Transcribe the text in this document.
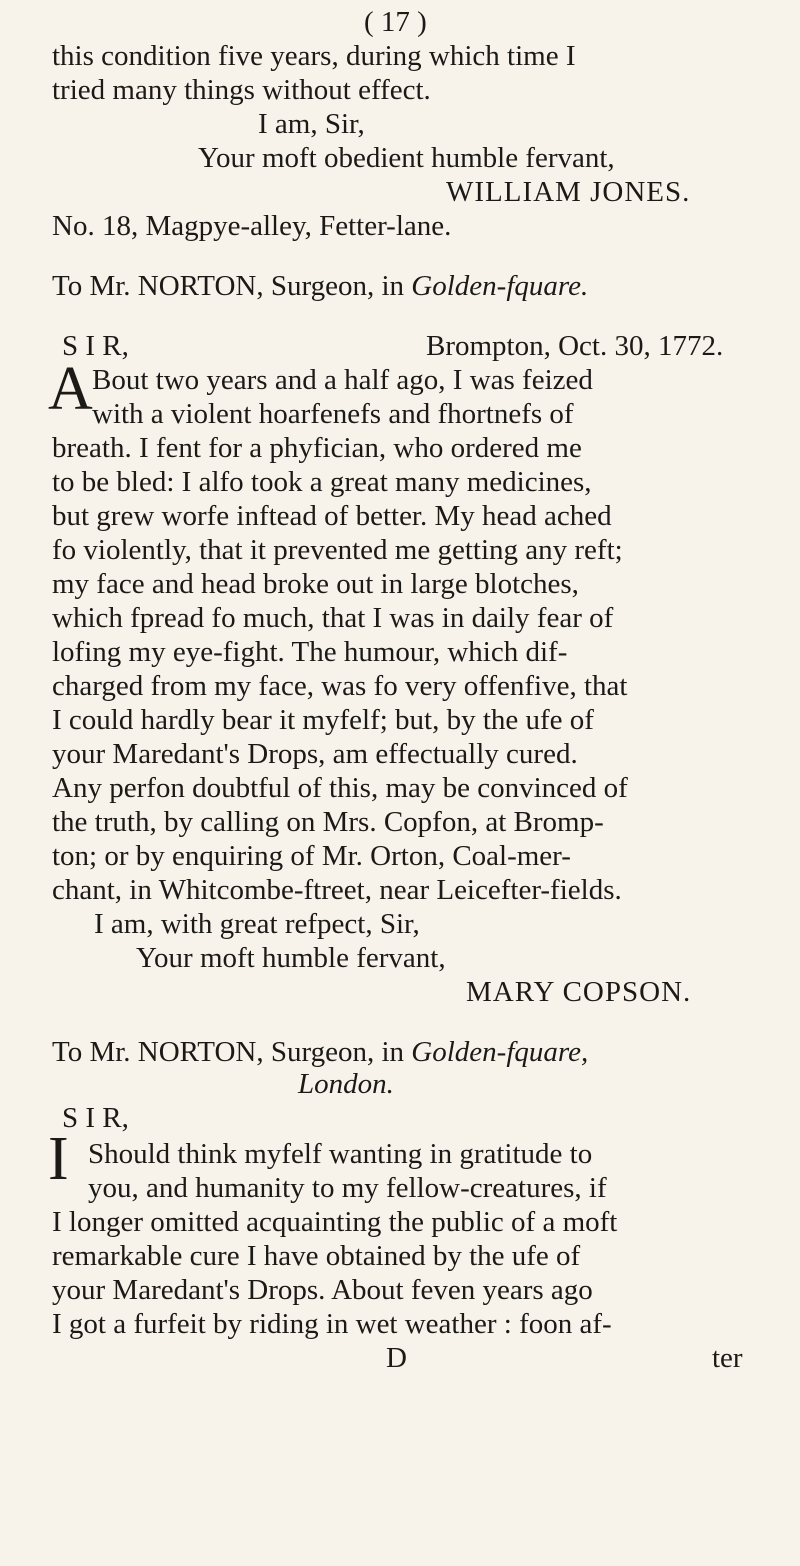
( 17 )
this condition five years, during which time I
tried many things without effect.
I am, Sir,
Your moft obedient humble fervant,
WILLIAM JONES.
No. 18, Magpye-alley, Fetter-lane.
To Mr. NORTON, Surgeon, in Golden-fquare.
S I R,	Brompton, Oct. 30, 1772.
A Bout two years and a half ago, I was feized
with a violent hoarfenefs and fhortnefs of
breath. I fent for a phyfician, who ordered me
to be bled: I alfo took a great many medicines,
but grew worfe inftead of better. My head ached
fo violently, that it prevented me getting any reft;
my face and head broke out in large blotches,
which fpread fo much, that I was in daily fear of
lofing my eye-fight. The humour, which dif-
charged from my face, was fo very offenfive, that
I could hardly bear it myfelf; but, by the ufe of
your Maredant's Drops, am effectually cured.
Any perfon doubtful of this, may be convinced of
the truth, by calling on Mrs. Copfon, at Bromp-
ton; or by enquiring of Mr. Orton, Coal-mer-
chant, in Whitcombe-ftreet, near Leicefter-fields.
I am, with great refpect, Sir,
Your moft humble fervant,
MARY COPSON.
To Mr. NORTON, Surgeon, in Golden-fquare,
London.
S I R,
I Should think myfelf wanting in gratitude to
you, and humanity to my fellow-creatures, if
I longer omitted acquainting the public of a moft
remarkable cure I have obtained by the ufe of
your Maredant's Drops. About feven years ago
I got a furfeit by riding in wet weather : foon af-
D	ter
